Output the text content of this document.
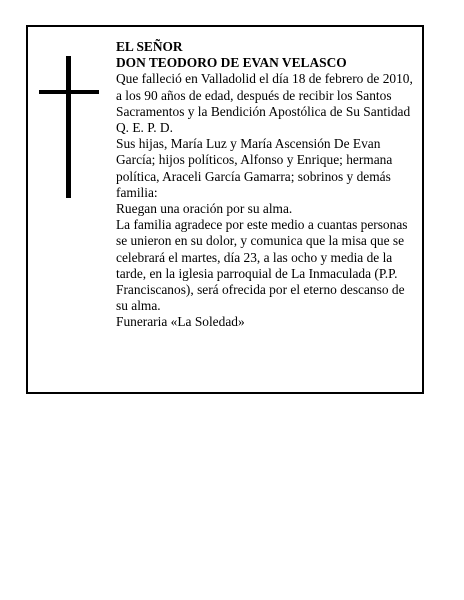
EL SEÑOR
DON TEODORO DE EVAN VELASCO
Que falleció en Valladolid el día 18 de febrero de 2010,
a los 90 años de edad, después de recibir los Santos
Sacramentos y la Bendición Apostólica de Su Santidad
Q. E. P. D.
Sus hijas, María Luz y María Ascensión De Evan
García; hijos políticos, Alfonso y Enrique; hermana
política, Araceli García Gamarra; sobrinos y demás
familia:
Ruegan una oración por su alma.
La familia agradece por este medio a cuantas personas
se unieron en su dolor, y comunica que la misa que se
celebrará el martes, día 23, a las ocho y media de la
tarde, en la iglesia parroquial de La Inmaculada (P.P.
Franciscanos), será ofrecida por el eterno descanso de
su alma.
Funeraria «La Soledad»
